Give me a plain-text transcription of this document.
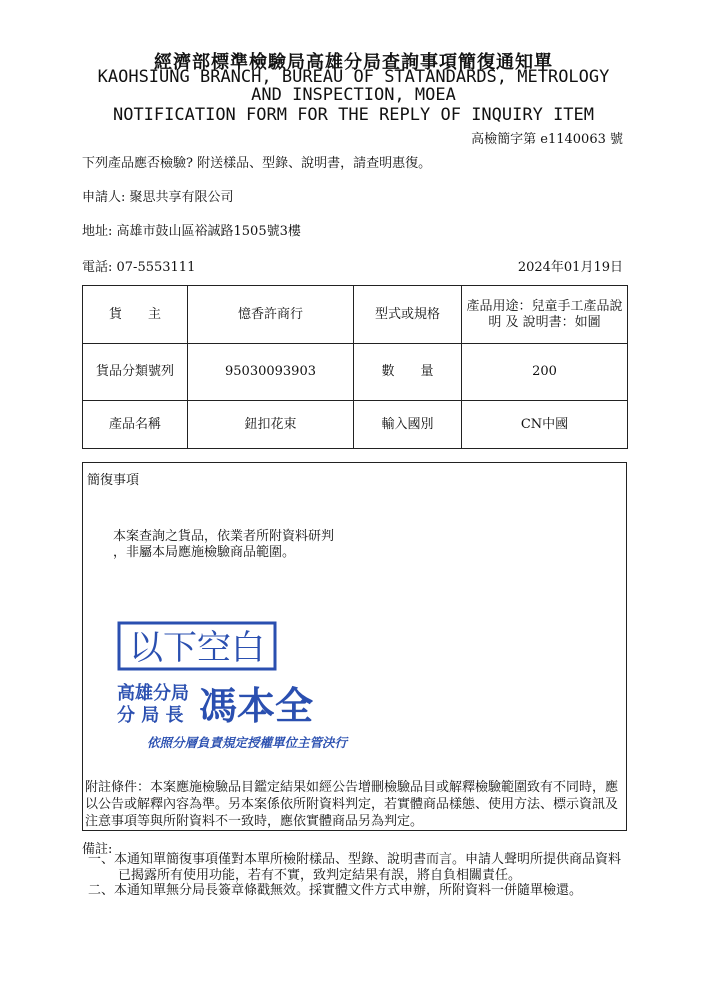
經濟部標準檢驗局高雄分局查詢事項簡復通知單
KAOHSIUNG BRANCH, BUREAU OF STATANDARDS, METROLOGY
AND INSPECTION, MOEA
NOTIFICATION FORM FOR THE REPLY OF INQUIRY ITEM
高檢簡字第 e1140063 號
下列產品應否檢驗? 附送樣品、型錄、說明書，請查明惠復。
申請人: 聚思共享有限公司
地址: 高雄市鼓山區裕誠路1505號3樓
電話: 07-5553111	2024年01月19日
貨　　主	憶香許商行	型式或規格	產品用途：兒童手工產品說明 及 說明書：如圖
貨品分類號列	95030093903	數　　量	200
產品名稱	鈕扣花束	輸入國別	CN中國
簡復事項
本案查詢之貨品，依業者所附資料研判
，非屬本局應施檢驗商品範圍。
以下空白
高雄分局
分 局 長 馮本全
依照分層負責規定授權單位主管決行
附註條件：本案應施檢驗品目鑑定結果如經公告增刪檢驗品目或解釋檢驗範圍致有不同時，應以公告或解釋內容為準。另本案係依所附資料判定，若實體商品樣態、使用方法、標示資訊及注意事項等與所附資料不一致時，應依實體商品另為判定。
備註:
一、本通知單簡復事項僅對本單所檢附樣品、型錄、說明書而言。申請人聲明所提供商品資料已揭露所有使用功能，若有不實，致判定結果有誤，將自負相關責任。
二、本通知單無分局長簽章條戳無效。採實體文件方式申辦，所附資料一併隨單檢還。
